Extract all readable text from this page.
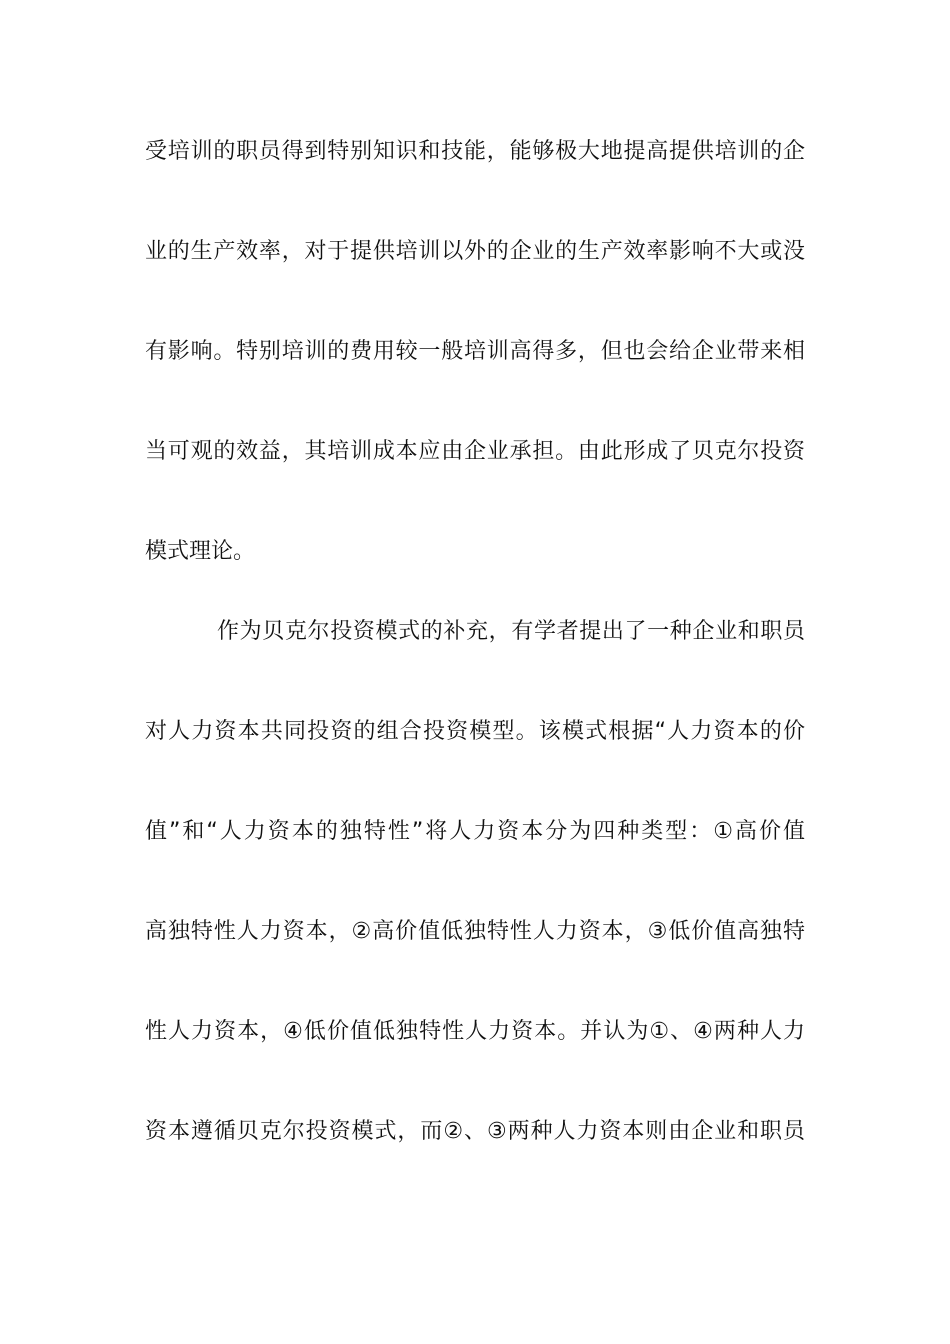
受培训的职员得到特别知识和技能，能够极大地提高提供培训的企
业的生产效率，对于提供培训以外的企业的生产效率影响不大或没
有影响。特别培训的费用较一般培训高得多，但也会给企业带来相
当可观的效益，其培训成本应由企业承担。由此形成了贝克尔投资
模式理论。
作为贝克尔投资模式的补充，有学者提出了一种企业和职员
对人力资本共同投资的组合投资模型。该模式根据“人力资本的价
值”和“人力资本的独特性”将人力资本分为四种类型：①高价值
高独特性人力资本，②高价值低独特性人力资本，③低价值高独特
性人力资本，④低价值低独特性人力资本。并认为①、④两种人力
资本遵循贝克尔投资模式，而②、③两种人力资本则由企业和职员
